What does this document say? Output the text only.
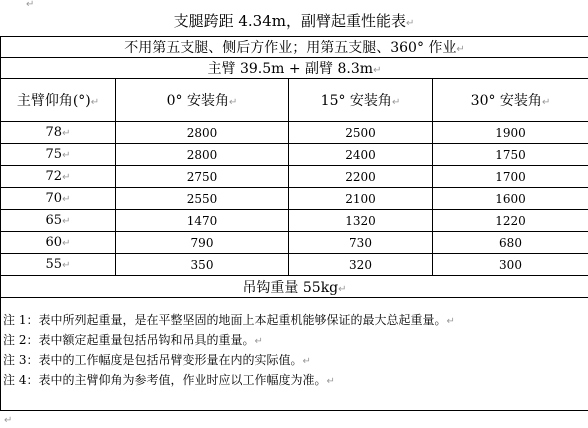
↵
支腿跨距 4.34m，副臂起重性能表↵
不用第五支腿、侧后方作业；用第五支腿、360° 作业↵			
主臂 39.5m + 副臂 8.3m↵			
主臂仰角(°)↵	0° 安装角↵	15° 安装角↵	30° 安装角↵
78↵	2800	2500	1900
75↵	2800	2400	1750
72↵	2750	2200	1700
70↵	2550	2100	1600
65↵	1470	1320	1220
60↵	790	730	680
55↵	350	320	300
吊钩重量 55kg↵			

注 1：表中所列起重量，是在平整坚固的地面上本起重机能够保证的最大总起重量。↵
注 2：表中额定起重量包括吊钩和吊具的重量。↵
注 3：表中的工作幅度是包括吊臂变形量在内的实际值。↵
注 4：表中的主臂仰角为参考值，作业时应以工作幅度为准。↵			
↵
